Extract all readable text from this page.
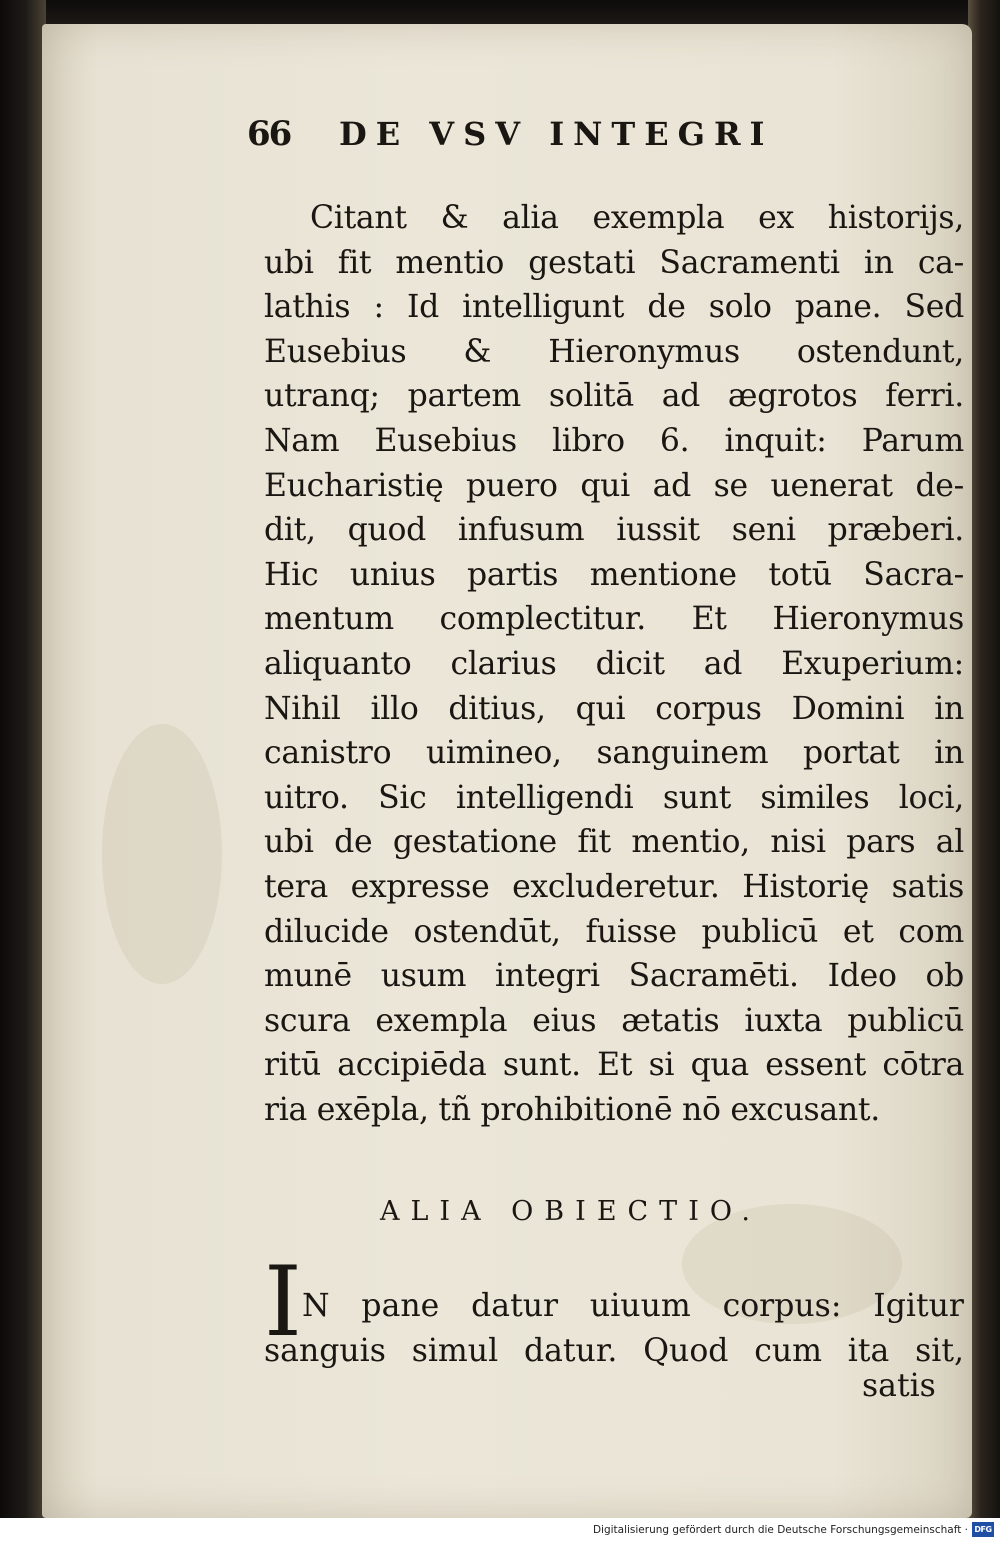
66	DE VSV INTEGRI
Citant & alia exempla ex historijs,
ubi fit mentio gestati Sacramenti in ca-
lathis : Id intelligunt de solo pane. Sed
Eusebius & Hieronymus ostendunt,
utranq; partem solitā ad ægrotos ferri.
Nam Eusebius libro 6. inquit: Parum
Eucharistię puero qui ad se uenerat de-
dit, quod infusum iussit seni præberi.
Hic unius partis mentione totū Sacra-
mentum complectitur. Et Hieronymus
aliquanto clarius dicit ad Exuperium:
Nihil illo ditius, qui corpus Domini in
canistro uimineo, sanguinem portat in
uitro. Sic intelligendi sunt similes loci,
ubi de gestatione fit mentio, nisi pars al
tera expresse excluderetur. Historię satis
dilucide ostendūt, fuisse publicū et com
munē usum integri Sacramēti. Ideo ob
scura exempla eius ætatis iuxta publicū
ritū accipiēda sunt. Et si qua essent cōtra
ria exēpla, tñ prohibitionē nō excusant.
ALIA OBIECTIO.
I N pane datur uiuum corpus: Igitur
sanguis simul datur. Quod cum ita sit,
satis
Digitalisierung gefördert durch die Deutsche Forschungsgemeinschaft · DFG
